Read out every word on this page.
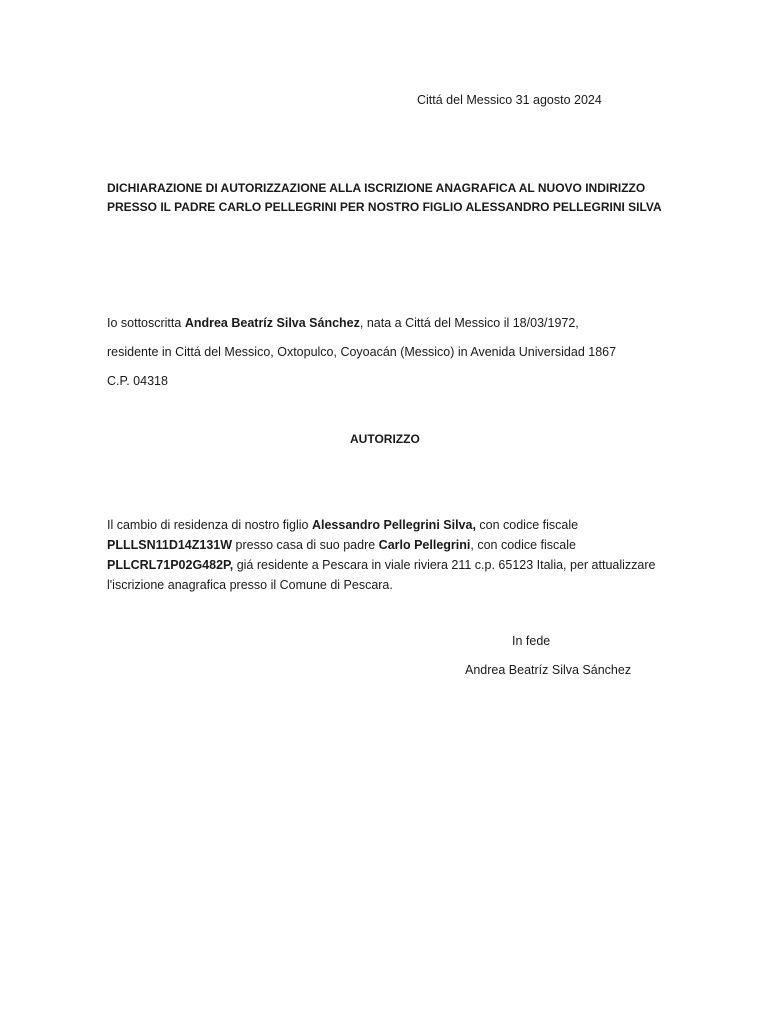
Cittá del Messico 31 agosto 2024
DICHIARAZIONE DI AUTORIZZAZIONE ALLA ISCRIZIONE ANAGRAFICA AL NUOVO INDIRIZZO
PRESSO IL PADRE CARLO PELLEGRINI PER NOSTRO FIGLIO ALESSANDRO PELLEGRINI SILVA
Io sottoscritta Andrea Beatríz Silva Sánchez, nata a Cittá del Messico il 18/03/1972,
residente in Cittá del Messico, Oxtopulco, Coyoacán (Messico) in Avenida Universidad 1867
C.P. 04318
AUTORIZZO
Il cambio di residenza di nostro figlio Alessandro Pellegrini Silva, con codice fiscale
PLLLSN11D14Z131W presso casa di suo padre Carlo Pellegrini, con codice fiscale
PLLCRL71P02G482P, giá residente a Pescara in viale riviera 211 c.p. 65123 Italia, per attualizzare
l'iscrizione anagrafica presso il Comune di Pescara.
In fede
Andrea Beatríz Silva Sánchez
